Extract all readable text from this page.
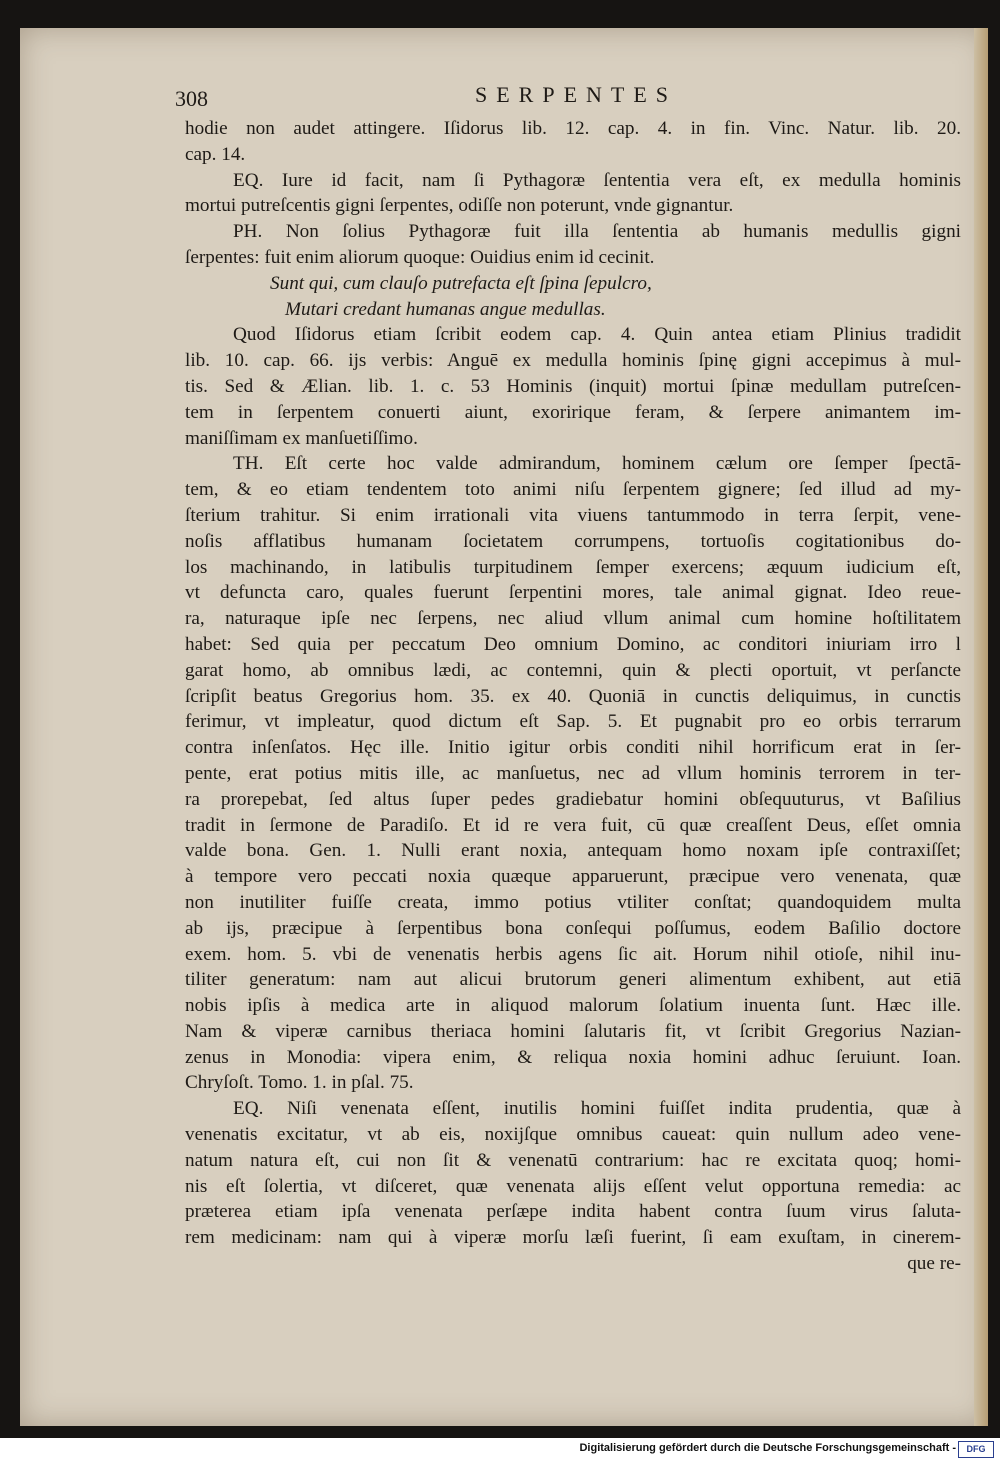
308	SERPENTES
hodie non audet attingere. Iſidorus lib. 12. cap. 4. in fin. Vinc. Natur. lib. 20.
cap. 14.
EQ. Iure id facit, nam ſi Pythagoræ ſententia vera eſt, ex medulla hominis
mortui putreſcentis gigni ſerpentes, odiſſe non poterunt, vnde gignantur.
PH. Non ſolius Pythagoræ fuit illa ſententia ab humanis medullis gigni
ſerpentes: fuit enim aliorum quoque: Ouidius enim id cecinit.
Sunt qui, cum clauſo putrefacta eſt ſpina ſepulcro,
Mutari credant humanas angue medullas.
Quod Iſidorus etiam ſcribit eodem cap. 4. Quin antea etiam Plinius tradidit
lib. 10. cap. 66. ijs verbis: Anguē ex medulla hominis ſpinę gigni accepimus à mul-
tis. Sed & Ælian. lib. 1. c. 53 Hominis (inquit) mortui ſpinæ medullam putreſcen-
tem in ſerpentem conuerti aiunt, exoririque feram, & ſerpere animantem im-
maniſſimam ex manſuetiſſimo.
TH. Eſt certe hoc valde admirandum, hominem cælum ore ſemper ſpectā-
tem, & eo etiam tendentem toto animi niſu ſerpentem gignere; ſed illud ad my-
ſterium trahitur. Si enim irrationali vita viuens tantummodo in terra ſerpit, vene-
noſis afflatibus humanam ſocietatem corrumpens, tortuoſis cogitationibus do-
los machinando, in latibulis turpitudinem ſemper exercens; æquum iudicium eſt,
vt defuncta caro, quales fuerunt ſerpentini mores, tale animal gignat. Ideo reue-
ra, naturaque ipſe nec ſerpens, nec aliud vllum animal cum homine hoſtilitatem
habet: Sed quia per peccatum Deo omnium Domino, ac conditori iniuriam irro l
garat homo, ab omnibus lædi, ac contemni, quin & plecti oportuit, vt perſancte
ſcripſit beatus Gregorius hom. 35. ex 40. Quoniā in cunctis deliquimus, in cunctis
ferimur, vt impleatur, quod dictum eſt Sap. 5. Et pugnabit pro eo orbis terrarum
contra inſenſatos. Hęc ille. Initio igitur orbis conditi nihil horrificum erat in ſer-
pente, erat potius mitis ille, ac manſuetus, nec ad vllum hominis terrorem in ter-
ra prorepebat, ſed altus ſuper pedes gradiebatur homini obſequuturus, vt Baſilius
tradit in ſermone de Paradiſo. Et id re vera fuit, cū quæ creaſſent Deus, eſſet omnia
valde bona. Gen. 1. Nulli erant noxia, antequam homo noxam ipſe contraxiſſet;
à tempore vero peccati noxia quæque apparuerunt, præcipue vero venenata, quæ
non inutiliter fuiſſe creata, immo potius vtiliter conſtat; quandoquidem multa
ab ijs, præcipue à ſerpentibus bona conſequi poſſumus, eodem Baſilio doctore
exem. hom. 5. vbi de venenatis herbis agens ſic ait. Horum nihil otioſe, nihil inu-
tiliter generatum: nam aut alicui brutorum generi alimentum exhibent, aut etiā
nobis ipſis à medica arte in aliquod malorum ſolatium inuenta ſunt. Hæc ille.
Nam & viperæ carnibus theriaca homini ſalutaris fit, vt ſcribit Gregorius Nazian-
zenus in Monodia: vipera enim, & reliqua noxia homini adhuc ſeruiunt. Ioan.
Chryſoſt. Tomo. 1. in pſal. 75.
EQ. Niſi venenata eſſent, inutilis homini fuiſſet indita prudentia, quæ à
venenatis excitatur, vt ab eis, noxijſque omnibus caueat: quin nullum adeo vene-
natum natura eſt, cui non ſit & venenatū contrarium: hac re excitata quoq; homi-
nis eſt ſolertia, vt diſceret, quæ venenata alijs eſſent velut opportuna remedia: ac
præterea etiam ipſa venenata perſæpe indita habent contra ſuum virus ſaluta-
rem medicinam: nam qui à viperæ morſu læſi fuerint, ſi eam exuſtam, in cinerem-
que re-
Digitalisierung gefördert durch die Deutsche Forschungsgemeinschaft -	DFG
